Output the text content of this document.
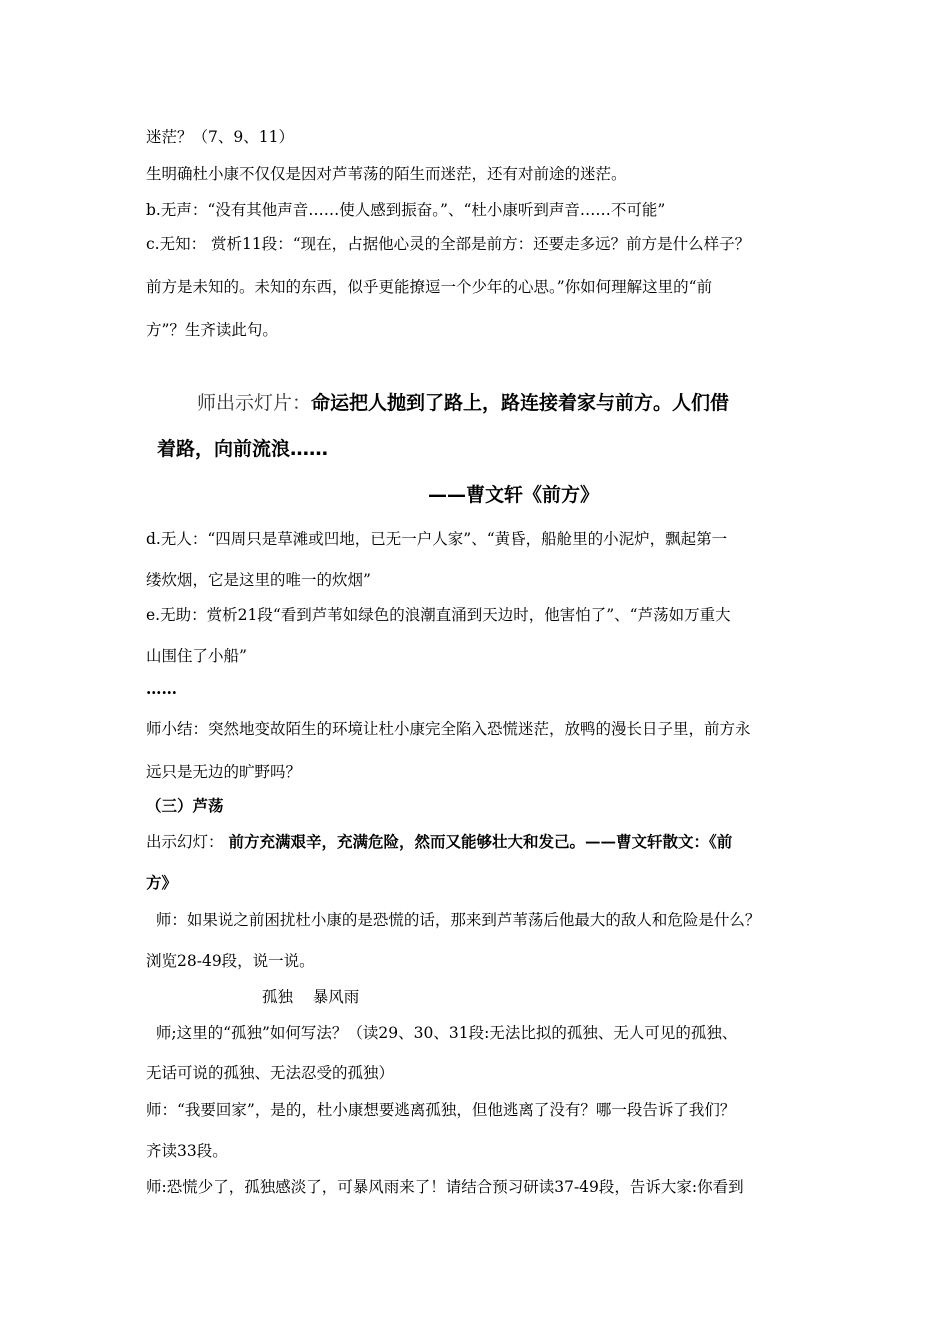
迷茫？（7、9、11）
生明确杜小康不仅仅是因对芦苇荡的陌生而迷茫，还有对前途的迷茫。
b.无声：“没有其他声音……使人感到振奋。”、“杜小康听到声音……不可能”
c.无知： 赏析11段：“现在，占据他心灵的全部是前方：还要走多远？前方是什么样子？
前方是未知的。未知的东西，似乎更能撩逗一个少年的心思。”你如何理解这里的“前
方”？生齐读此句。
师出示灯片：命运把人抛到了路上，路连接着家与前方。人们借
着路，向前流浪……
——曹文轩《前方》
d.无人：“四周只是草滩或凹地，已无一户人家”、“黄昏，船舱里的小泥炉，飘起第一
缕炊烟，它是这里的唯一的炊烟”
e.无助：赏析21段“看到芦苇如绿色的浪潮直涌到天边时，他害怕了”、“芦荡如万重大
山围住了小船”
……
师小结：突然地变故陌生的环境让杜小康完全陷入恐慌迷茫，放鸭的漫长日子里，前方永
远只是无边的旷野吗？
（三）芦荡
出示幻灯： 前方充满艰辛，充满危险，然而又能够壮大和发己。——曹文轩散文：《前
方》
师：如果说之前困扰杜小康的是恐慌的话，那来到芦苇荡后他最大的敌人和危险是什么？
浏览28-49段，说一说。
孤独    暴风雨
师;这里的“孤独”如何写法？（读29、30、31段:无法比拟的孤独、无人可见的孤独、
无话可说的孤独、无法忍受的孤独）
师：“我要回家”，是的，杜小康想要逃离孤独，但他逃离了没有？哪一段告诉了我们？
齐读33段。
师:恐慌少了，孤独感淡了，可暴风雨来了！请结合预习研读37-49段，告诉大家:你看到
